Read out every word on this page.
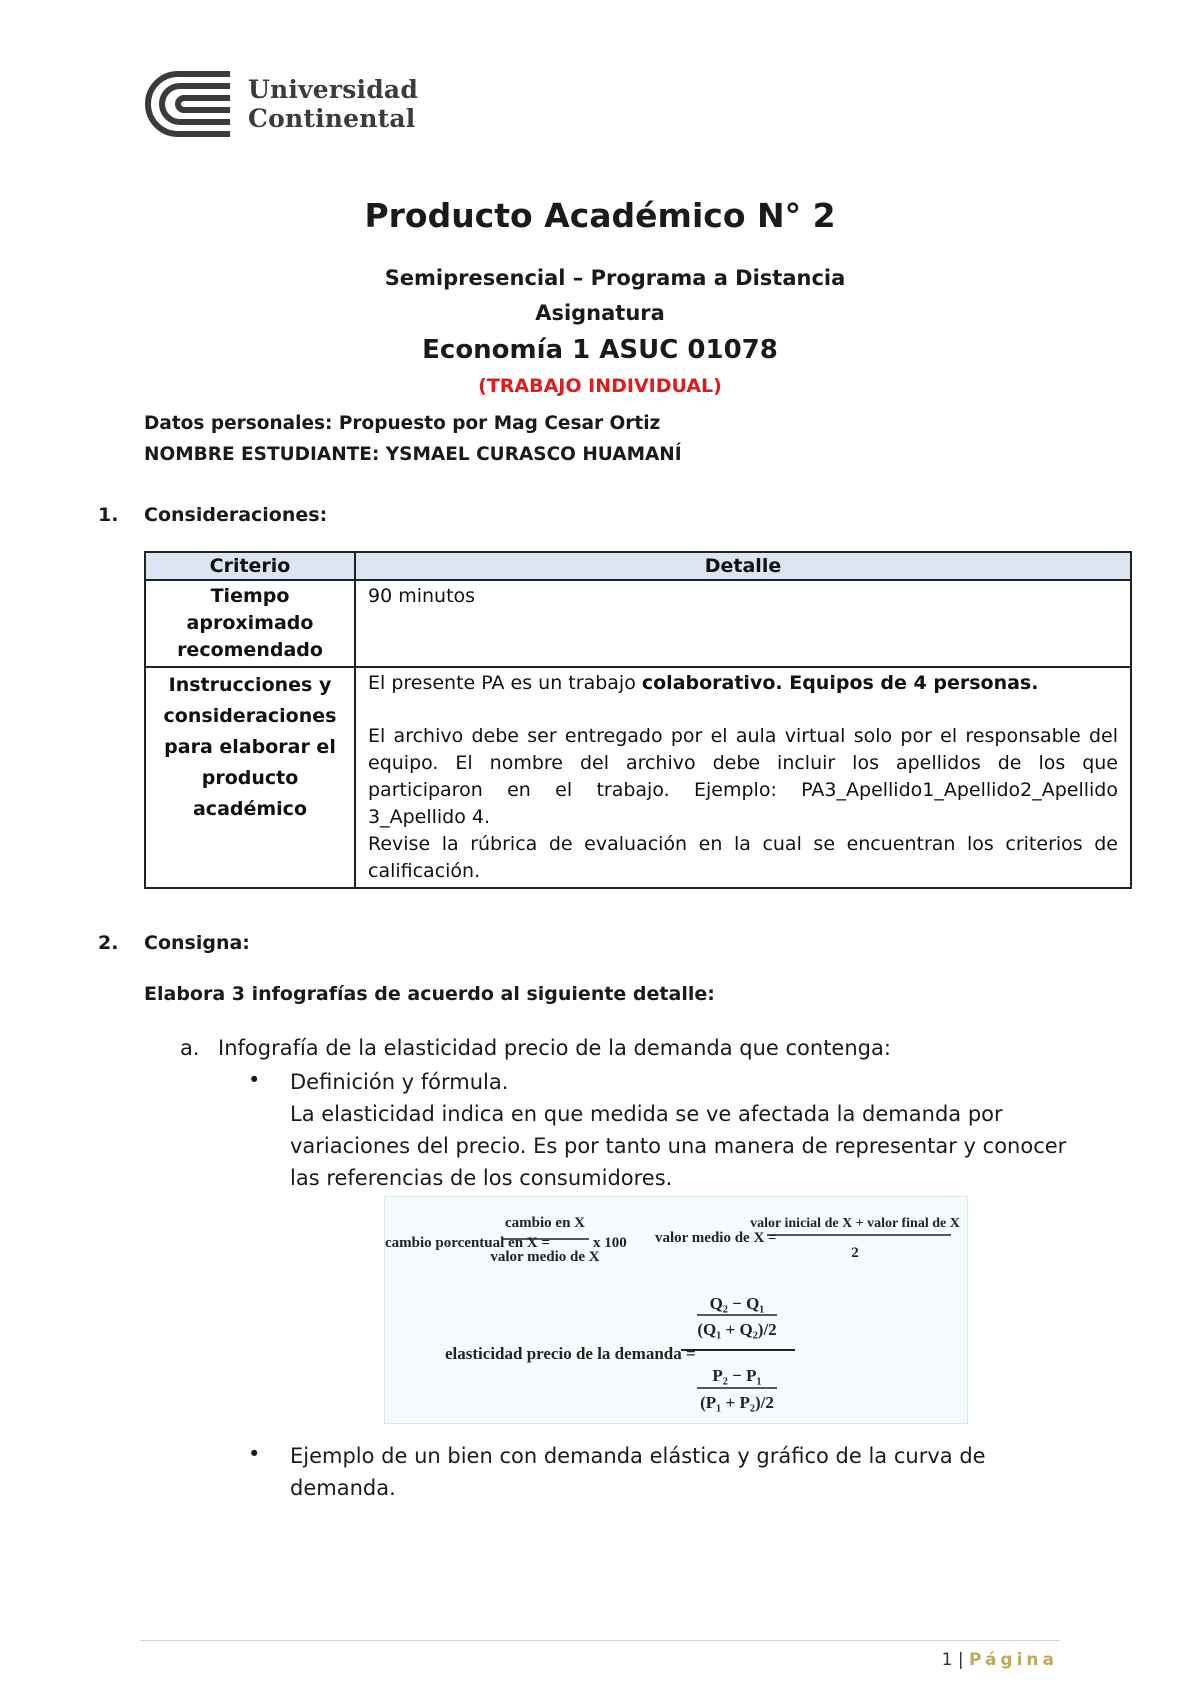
Universidad
Continental
Producto Académico N° 2
Semipresencial – Programa a Distancia
Asignatura
Economía 1 ASUC 01078
(TRABAJO INDIVIDUAL)
Datos personales: Propuesto por Mag Cesar Ortiz
NOMBRE ESTUDIANTE: YSMAEL CURASCO HUAMANÍ
1. Consideraciones:
Criterio	Detalle
Tiempo aproximado recomendado	90 minutos
Instrucciones y consideraciones para elaborar el producto académico	El presente PA es un trabajo colaborativo. Equipos de 4 personas.
El archivo debe ser entregado por el aula virtual solo por el responsable del equipo. El nombre del archivo debe incluir los apellidos de los que participaron en el trabajo. Ejemplo: PA3_Apellido1_Apellido2_Apellido 3_Apellido 4.
Revise la rúbrica de evaluación en la cual se encuentran los criterios de calificación.
2. Consigna:
Elabora 3 infografías de acuerdo al siguiente detalle:
a. Infografía de la elasticidad precio de la demanda que contenga:
• Definición y fórmula.
La elasticidad indica en que medida se ve afectada la demanda por variaciones del precio. Es por tanto una manera de representar y conocer las referencias de los consumidores.
cambio porcentual en X =
cambio en X
valor medio de X
x 100 valor medio de X =
valor inicial de X + valor final de X
2
elasticidad precio de la demanda =
Q₂ − Q₁
(Q₁ + Q₂)/2
P₂ − P₁
(P₁ + P₂)/2
• Ejemplo de un bien con demanda elástica y gráfico de la curva de demanda.
1 | Página
